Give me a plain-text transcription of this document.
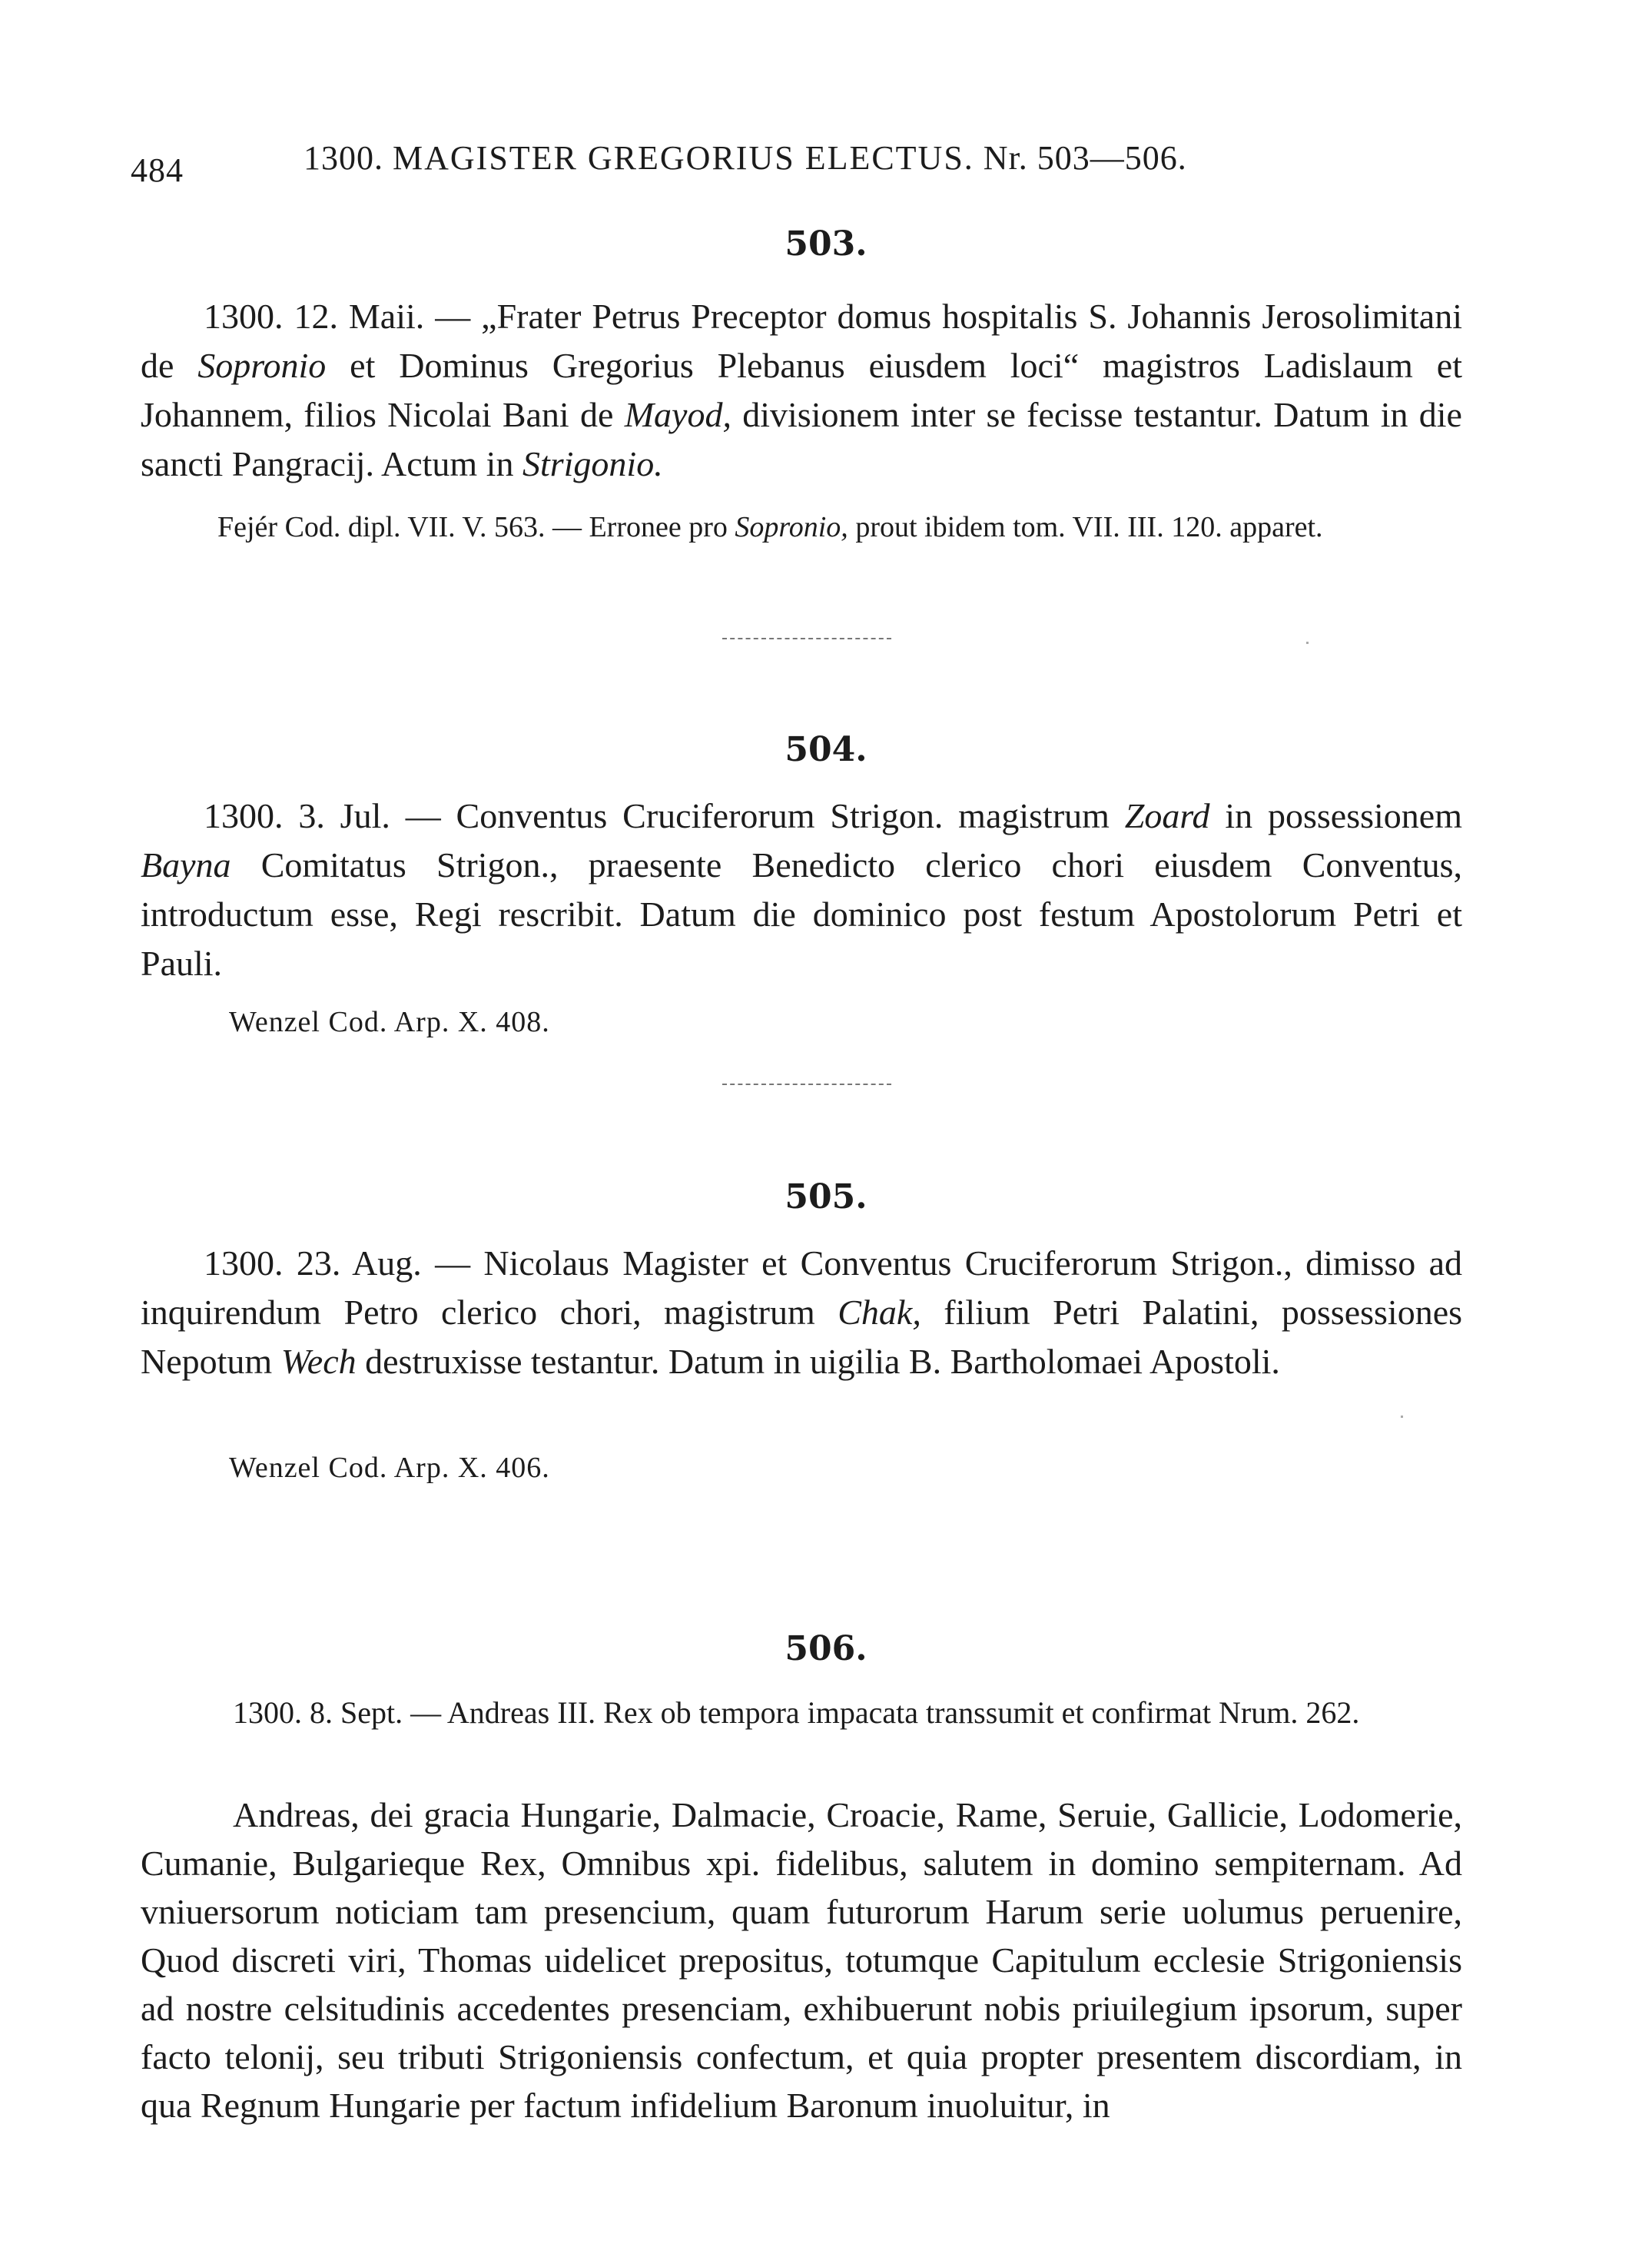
484	1300. MAGISTER GREGORIUS ELECTUS. Nr. 503—506.
503.
1300. 12. Maii. — „Frater Petrus Preceptor domus hospitalis S. Johannis Jerosolimitani de Sopronio et Dominus Gregorius Plebanus eiusdem loci“ magistros Ladislaum et Johannem, filios Nicolai Bani de Mayod, divisionem inter se fecisse testantur. Datum in die sancti Pangracij. Actum in Strigonio.
Fejér Cod. dipl. VII. V. 563. — Erronee pro Sopronio, prout ibidem tom. VII. III. 120. apparet.
504.
1300. 3. Jul. — Conventus Cruciferorum Strigon. magistrum Zoard in possessionem Bayna Comitatus Strigon., praesente Benedicto clerico chori eiusdem Conventus, introductum esse, Regi rescribit. Datum die dominico post festum Apostolorum Petri et Pauli.
Wenzel Cod. Arp. X. 408.
505.
1300. 23. Aug. — Nicolaus Magister et Conventus Cruciferorum Strigon., dimisso ad inquirendum Petro clerico chori, magistrum Chak, filium Petri Palatini, possessiones Nepotum Wech destruxisse testantur. Datum in uigilia B. Bartholomaei Apostoli.
Wenzel Cod. Arp. X. 406.
506.
1300. 8. Sept. — Andreas III. Rex ob tempora impacata transsumit et confirmat Nrum. 262.
Andreas, dei gracia Hungarie, Dalmacie, Croacie, Rame, Seruie, Gallicie, Lodomerie, Cumanie, Bulgarieque Rex, Omnibus xpi. fidelibus, salutem in domino sempiternam. Ad vniuersorum noticiam tam presencium, quam futurorum Harum serie uolumus peruenire, Quod discreti viri, Thomas uidelicet prepositus, totumque Capitulum ecclesie Strigoniensis ad nostre celsitudinis accedentes presenciam, exhibuerunt nobis priuilegium ipsorum, super facto telonij, seu tributi Strigoniensis confectum, et quia propter presentem discordiam, in qua Regnum Hungarie per factum infidelium Baronum inuoluitur, in
